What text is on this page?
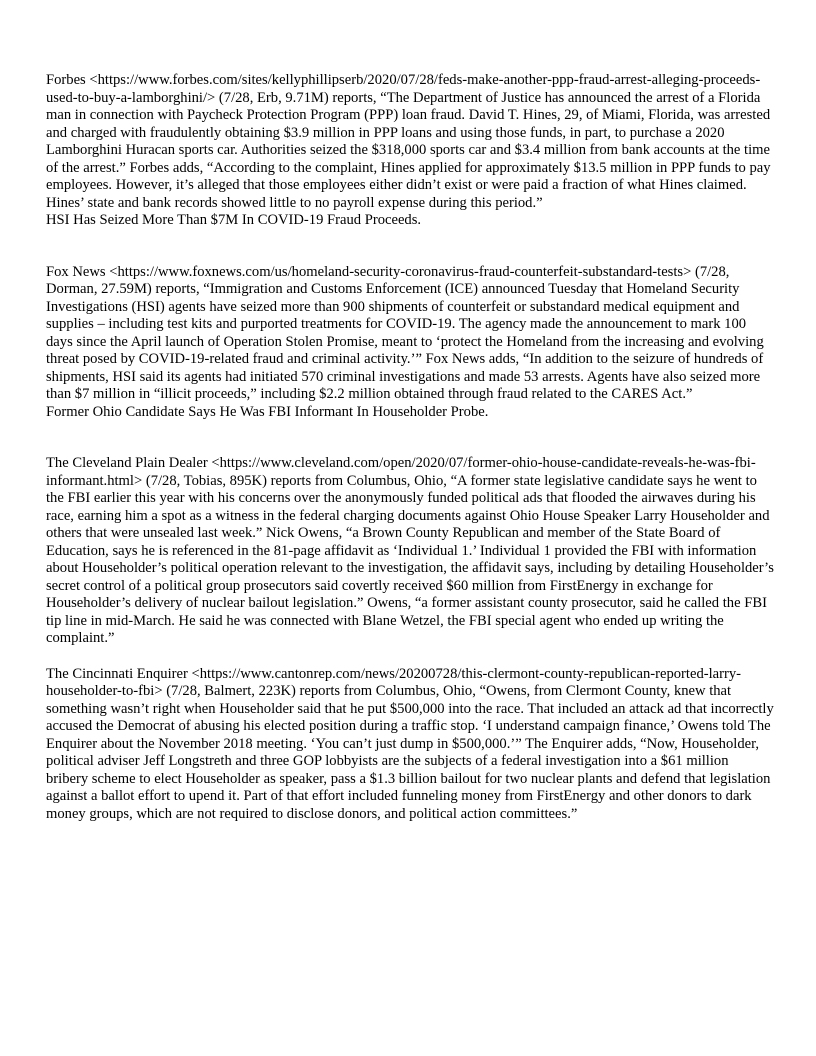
Forbes <https://www.forbes.com/sites/kellyphillipserb/2020/07/28/feds-make-another-ppp-fraud-arrest-alleging-proceeds-used-to-buy-a-lamborghini/> (7/28, Erb, 9.71M) reports, “The Department of Justice has announced the arrest of a Florida man in connection with Paycheck Protection Program (PPP) loan fraud. David T. Hines, 29, of Miami, Florida, was arrested and charged with fraudulently obtaining $3.9 million in PPP loans and using those funds, in part, to purchase a 2020 Lamborghini Huracan sports car. Authorities seized the $318,000 sports car and $3.4 million from bank accounts at the time of the arrest.” Forbes adds, “According to the complaint, Hines applied for approximately $13.5 million in PPP funds to pay employees. However, it’s alleged that those employees either didn’t exist or were paid a fraction of what Hines claimed. Hines’ state and bank records showed little to no payroll expense during this period.”

HSI Has Seized More Than $7M In COVID-19 Fraud Proceeds.

Fox News <https://www.foxnews.com/us/homeland-security-coronavirus-fraud-counterfeit-substandard-tests> (7/28, Dorman, 27.59M) reports, “Immigration and Customs Enforcement (ICE) announced Tuesday that Homeland Security Investigations (HSI) agents have seized more than 900 shipments of counterfeit or substandard medical equipment and supplies – including test kits and purported treatments for COVID-19. The agency made the announcement to mark 100 days since the April launch of Operation Stolen Promise, meant to ‘protect the Homeland from the increasing and evolving threat posed by COVID-19-related fraud and criminal activity.’” Fox News adds, “In addition to the seizure of hundreds of shipments, HSI said its agents had initiated 570 criminal investigations and made 53 arrests. Agents have also seized more than $7 million in “illicit proceeds,” including $2.2 million obtained through fraud related to the CARES Act.”

Former Ohio Candidate Says He Was FBI Informant In Householder Probe.

The Cleveland Plain Dealer <https://www.cleveland.com/open/2020/07/former-ohio-house-candidate-reveals-he-was-fbi-informant.html> (7/28, Tobias, 895K) reports from Columbus, Ohio, “A former state legislative candidate says he went to the FBI earlier this year with his concerns over the anonymously funded political ads that flooded the airwaves during his race, earning him a spot as a witness in the federal charging documents against Ohio House Speaker Larry Householder and others that were unsealed last week.” Nick Owens, “a Brown County Republican and member of the State Board of Education, says he is referenced in the 81-page affidavit as ‘Individual 1.’ Individual 1 provided the FBI with information about Householder’s political operation relevant to the investigation, the affidavit says, including by detailing Householder’s secret control of a political group prosecutors said covertly received $60 million from FirstEnergy in exchange for Householder’s delivery of nuclear bailout legislation.” Owens, “a former assistant county prosecutor, said he called the FBI tip line in mid-March. He said he was connected with Blane Wetzel, the FBI special agent who ended up writing the complaint.”

The Cincinnati Enquirer <https://www.cantonrep.com/news/20200728/this-clermont-county-republican-reported-larry-householder-to-fbi> (7/28, Balmert, 223K) reports from Columbus, Ohio, “Owens, from Clermont County, knew that something wasn’t right when Householder said that he put $500,000 into the race. That included an attack ad that incorrectly accused the Democrat of abusing his elected position during a traffic stop. ‘I understand campaign finance,’ Owens told The Enquirer about the November 2018 meeting. ‘You can’t just dump in $500,000.’” The Enquirer adds, “Now, Householder, political adviser Jeff Longstreth and three GOP lobbyists are the subjects of a federal investigation into a $61 million bribery scheme to elect Householder as speaker, pass a $1.3 billion bailout for two nuclear plants and defend that legislation against a ballot effort to upend it. Part of that effort included funneling money from FirstEnergy and other donors to dark money groups, which are not required to disclose donors, and political action committees.”
